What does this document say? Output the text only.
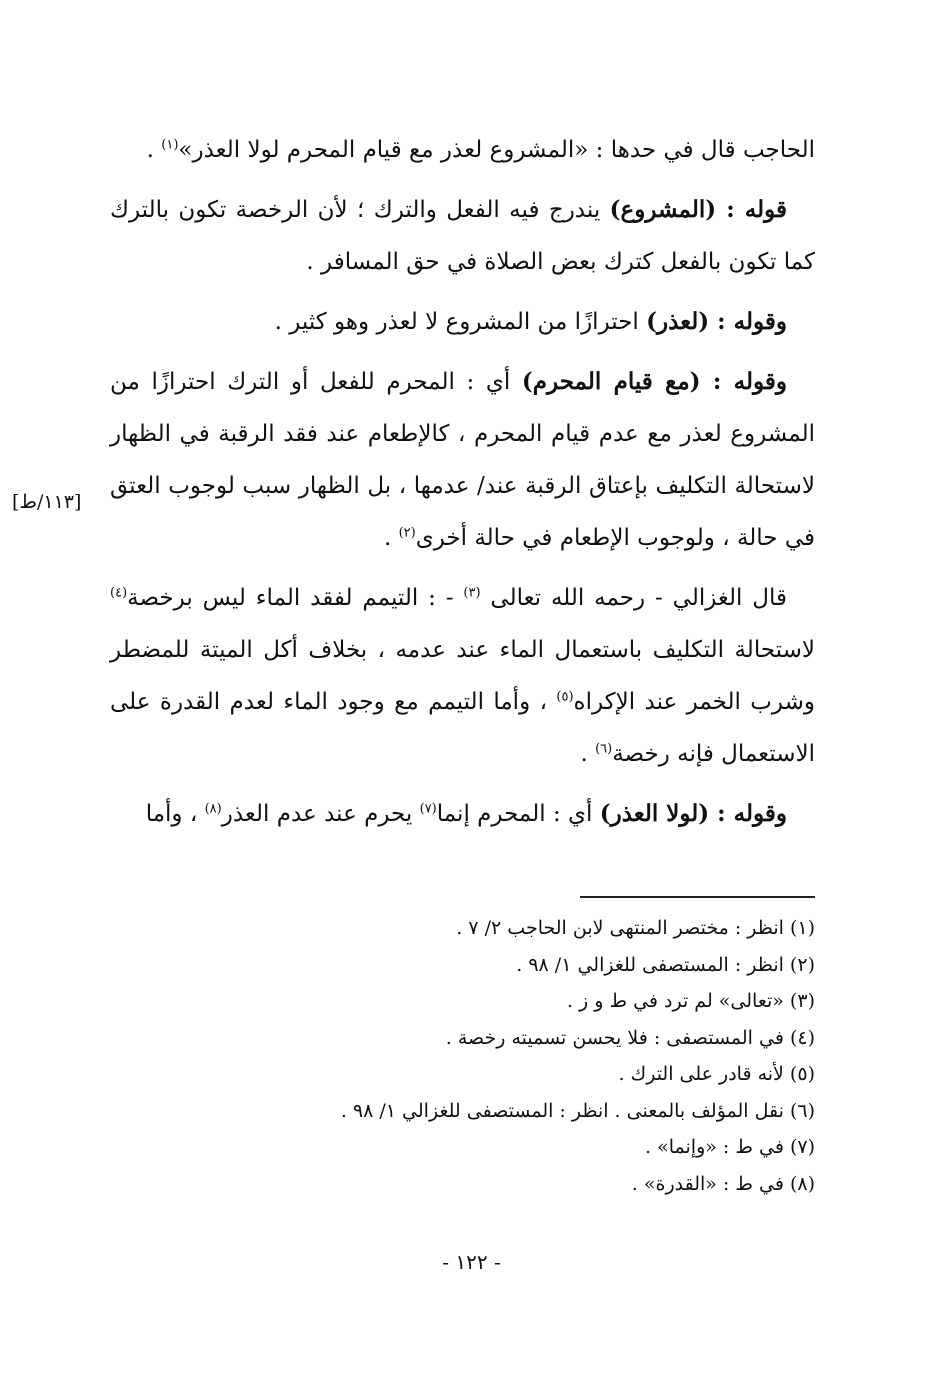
الحاجب قال في حدها : «المشروع لعذر مع قيام المحرم لولا العذر»$^{(١)}$ .

قوله : (المشروع) يندرج فيه الفعل والترك ؛ لأن الرخصة تكون بالترك كما تكون بالفعل كترك بعض الصلاة في حق المسافر .

وقوله : (لعذر) احترازًا من المشروع لا لعذر وهو كثير .

وقوله : (مع قيام المحرم) أي : المحرم للفعل أو الترك احترازًا من المشروع لعذر مع عدم قيام المحرم ، كالإطعام عند فقد الرقبة في الظهار لاستحالة التكليف بإعتاق الرقبة عند/ عدمها ، بل الظهار سبب لوجوب العتق في حالة ، ولوجوب الإطعام في حالة أخرى$^{(٢)}$ .

قال الغزالي - رحمه الله تعالى $^{(٣)}$ - : التيمم لفقد الماء ليس برخصة$^{(٤)}$ لاستحالة التكليف باستعمال الماء عند عدمه ، بخلاف أكل الميتة للمضطر وشرب الخمر عند الإكراه$^{(٥)}$ ، وأما التيمم مع وجود الماء لعدم القدرة على الاستعمال فإنه رخصة$^{(٦)}$ .

وقوله : (لولا العذر) أي : المحرم إنما$^{(٧)}$ يحرم عند عدم العذر$^{(٨)}$ ، وأما

[١١٣/ط]

(١) انظر : مختصر المنتهى لابن الحاجب ٢/ ٧ .

(٢) انظر : المستصفى للغزالي ١/ ٩٨ .

(٣) «تعالى» لم ترد في ط و ز .

(٤) في المستصفى : فلا يحسن تسميته رخصة .

(٥) لأنه قادر على الترك .

(٦) نقل المؤلف بالمعنى . انظر : المستصفى للغزالي ١/ ٩٨ .

(٧) في ط : «وإنما» .

(٨) في ط : «القدرة» .

- ١٢٢ -
